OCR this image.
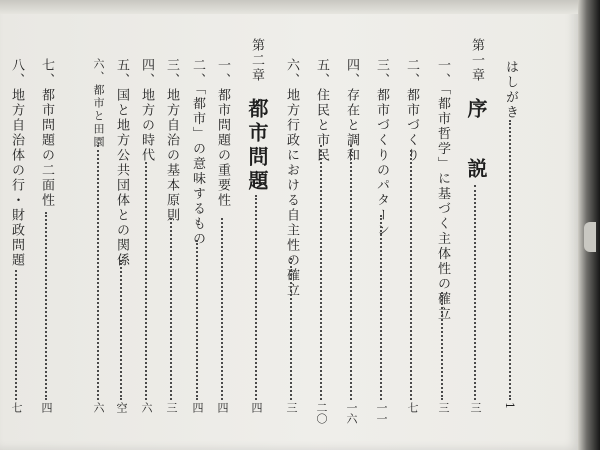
はしがき
1
第一章
序　説
三
一、「都市哲学」に基づく主体性の確立
三
二、都市づくり
七
三、都市づくりのパターン
一一
四、存在と調和
一六
五、住民と市民
二〇
六、地方行政における自主性の確立
三
第二章
都市問題
四
一、都市問題の重要性
四
二、「都市」の意味するもの
四
三、地方自治の基本原則
三
四、地方の時代
六
五、国と地方公共団体との関係
空
六、都市と田園
六
七、都市問題の二面性
四
八、地方自治体の行・財政問題
七
